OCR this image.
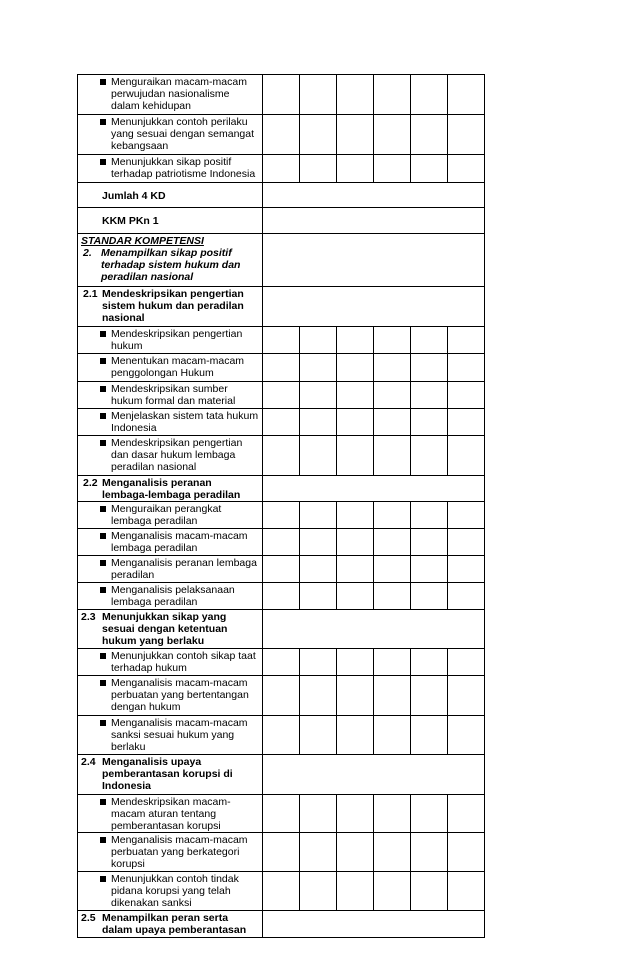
Menguraikan macam-macam
perwujudan nasionalisme
dalam kehidupan						

Menunjukkan contoh perilaku
yang sesuai dengan semangat
kebangsaan						

Menunjukkan sikap positif
terhadap patriotisme Indonesia						

Jumlah 4 KD						

KKM PKn 1						

STANDAR KOMPETENSI
2. Menampilkan sikap positif
terhadap sistem hukum dan
peradilan nasional						

2.1 Mendeskripsikan pengertian
sistem hukum dan peradilan
nasional						

Mendeskripsikan pengertian
hukum						

Menentukan macam-macam
penggolongan Hukum						

Mendeskripsikan sumber
hukum formal dan material						

Menjelaskan sistem tata hukum
Indonesia						

Mendeskripsikan pengertian
dan dasar hukum lembaga
peradilan nasional						

2.2 Menganalisis peranan
lembaga-lembaga peradilan						

Menguraikan perangkat
lembaga peradilan						

Menganalisis macam-macam
lembaga peradilan						

Menganalisis peranan lembaga
peradilan						

Menganalisis pelaksanaan
lembaga peradilan						

2.3 Menunjukkan sikap yang
sesuai dengan ketentuan
hukum yang berlaku						

Menunjukkan contoh sikap taat
terhadap hukum						

Menganalisis macam-macam
perbuatan yang bertentangan
dengan hukum						

Menganalisis macam-macam
sanksi sesuai hukum yang
berlaku						

2.4 Menganalisis upaya
pemberantasan korupsi di
Indonesia						

Mendeskripsikan macam-
macam aturan tentang
pemberantasan korupsi						

Menganalisis macam-macam
perbuatan yang berkategori
korupsi						

Menunjukkan contoh tindak
pidana korupsi yang telah
dikenakan sanksi						

2.5 Menampilkan peran serta
dalam upaya pemberantasan						
